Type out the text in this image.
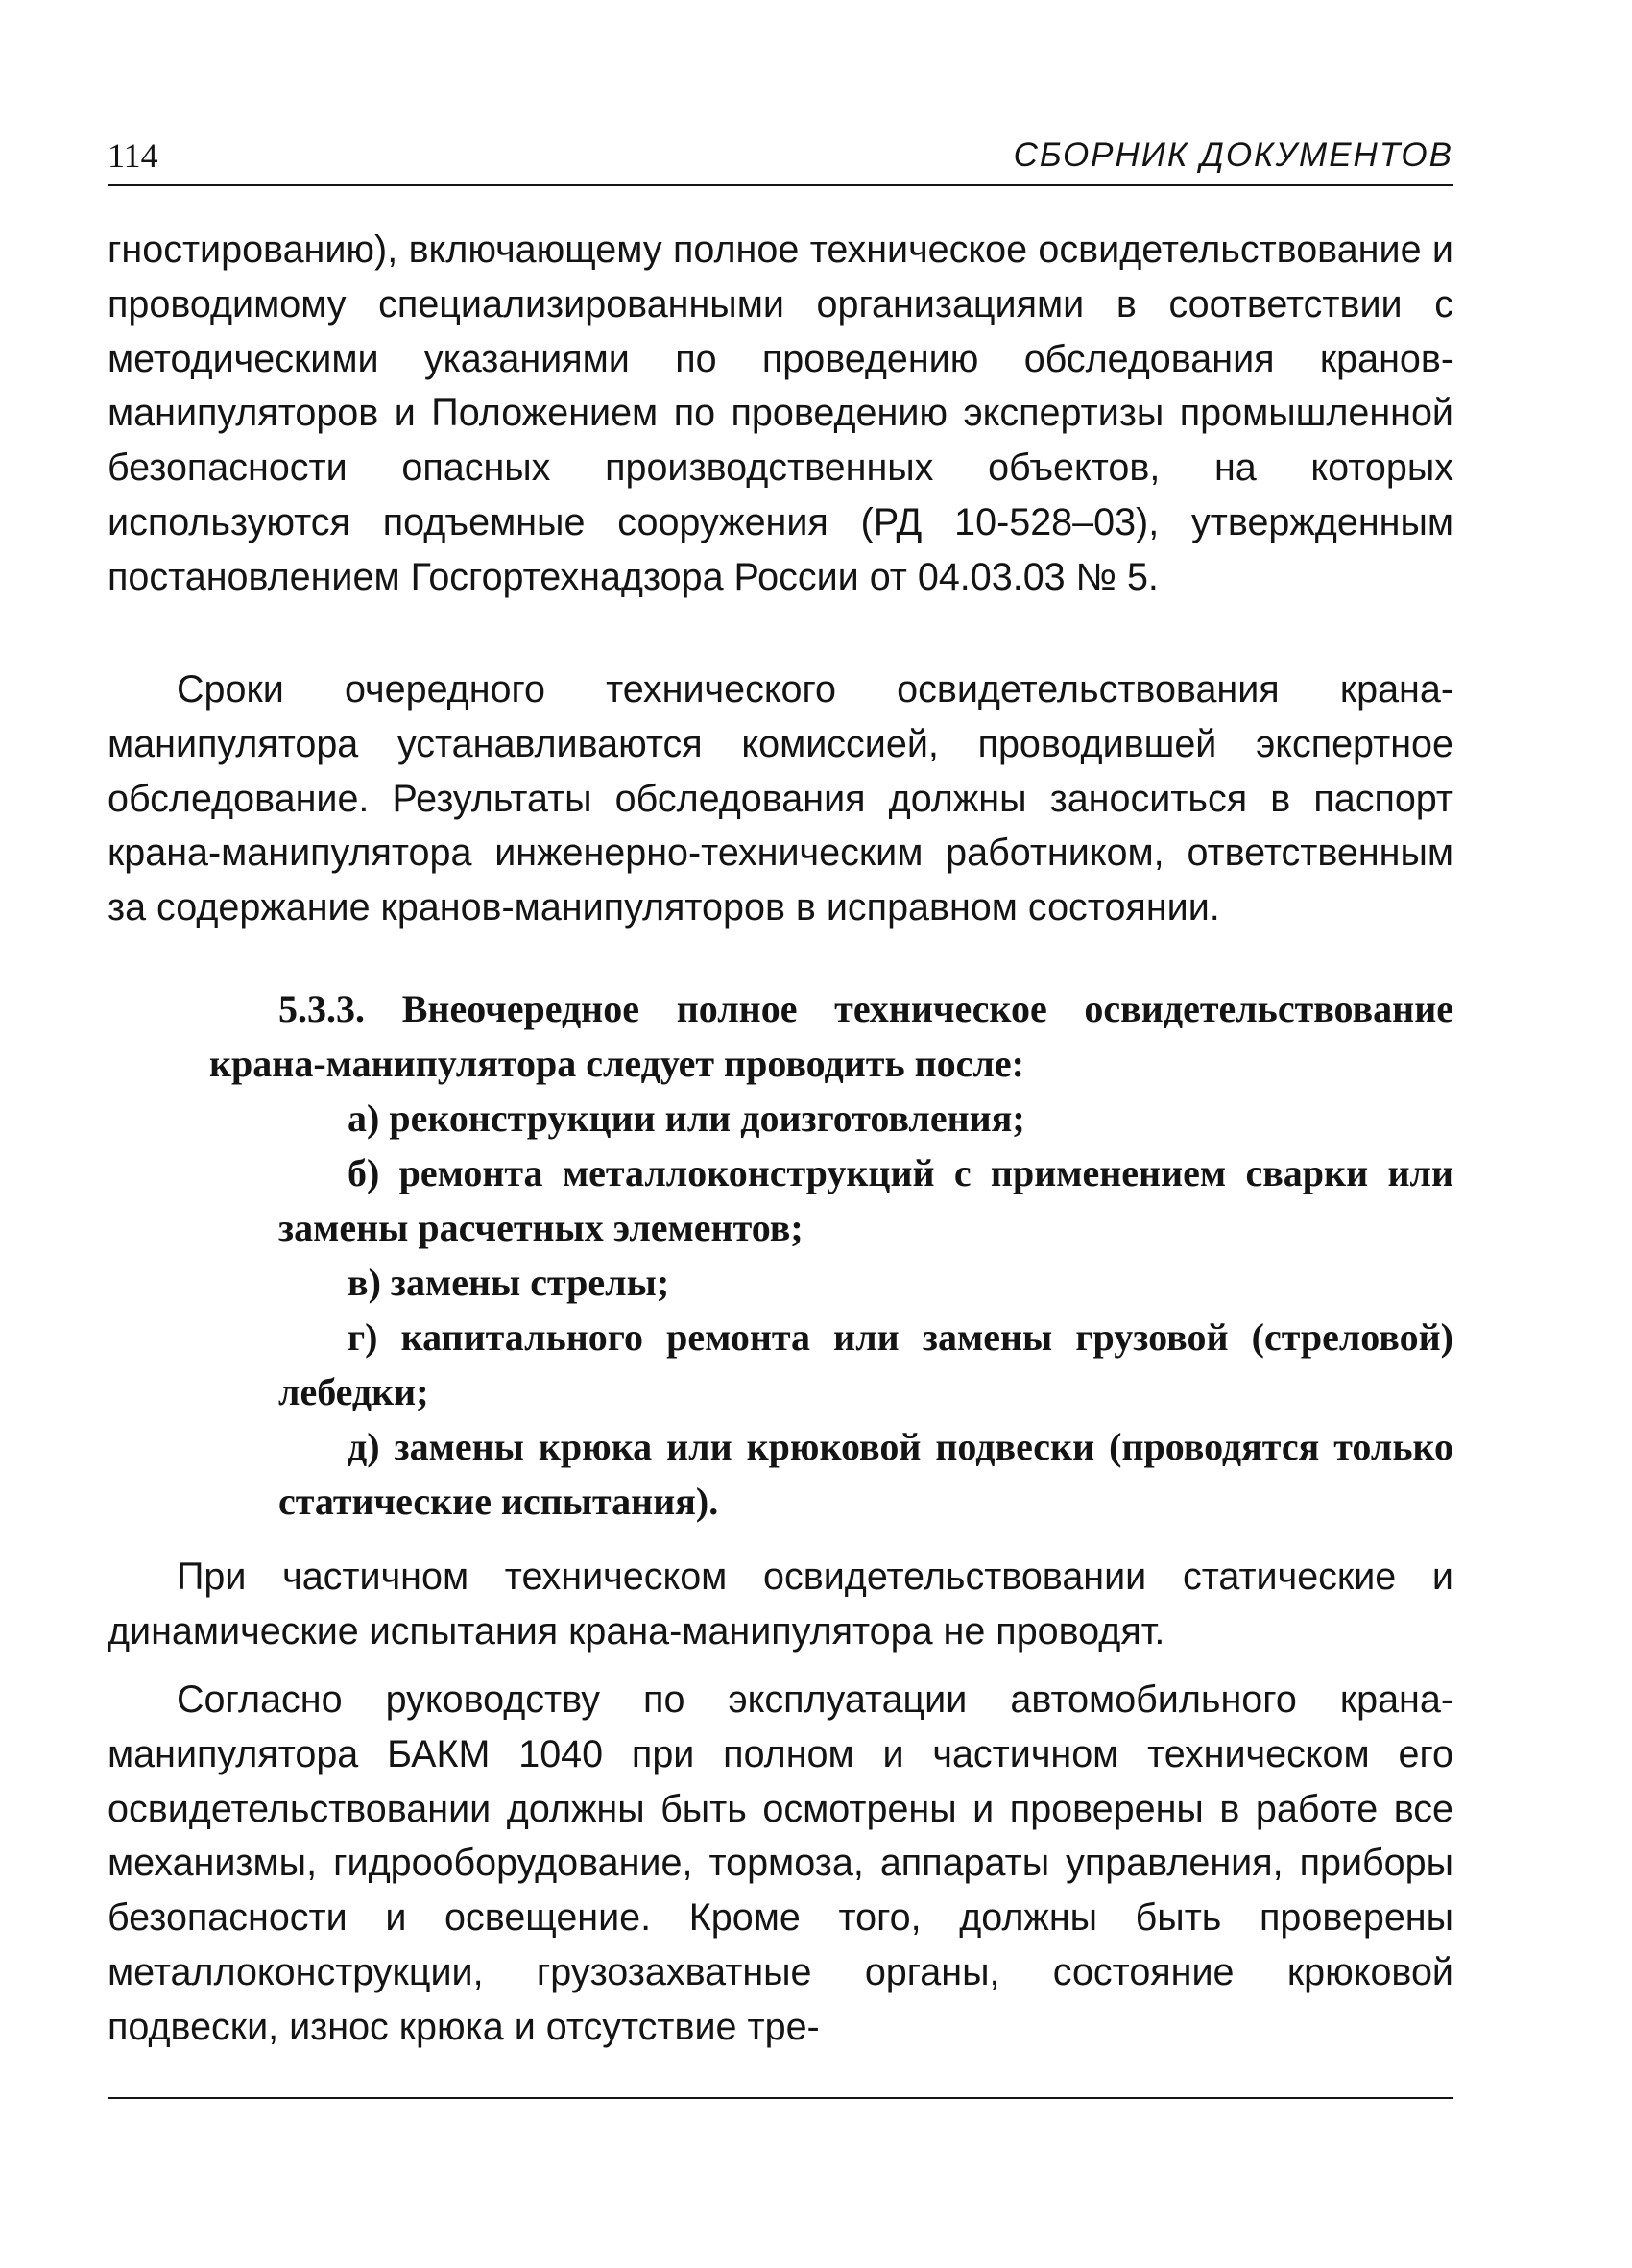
114	СБОРНИК ДОКУМЕНТОВ

гностированию), включающему полное техническое освидетельствование и проводимому специализированными организациями в соответствии с методическими указаниями по проведению обследования кранов-манипуляторов и Положением по проведению экспертизы промышленной безопасности опасных производственных объектов, на которых используются подъемные сооружения (РД 10-528–03), утвержденным постановлением Госгортехнадзора России от 04.03.03 № 5.

Сроки очередного технического освидетельствования крана-манипулятора устанавливаются комиссией, проводившей экспертное обследование. Результаты обследования должны заноситься в паспорт крана-манипулятора инженерно-техническим работником, ответственным за содержание кранов-манипуляторов в исправном состоянии.

5.3.3. Внеочередное полное техническое освидетельствование крана-манипулятора следует проводить после:

а) реконструкции или доизготовления;

б) ремонта металлоконструкций с применением сварки или замены расчетных элементов;

в) замены стрелы;

г) капитального ремонта или замены грузовой (стреловой) лебедки;

д) замены крюка или крюковой подвески (проводятся только статические испытания).

При частичном техническом освидетельствовании статические и динамические испытания крана-манипулятора не проводят.

Согласно руководству по эксплуатации автомобильного крана-манипулятора БАКМ 1040 при полном и частичном техническом его освидетельствовании должны быть осмотрены и проверены в работе все механизмы, гидрооборудование, тормоза, аппараты управления, приборы безопасности и освещение. Кроме того, должны быть проверены металлоконструкции, грузозахватные органы, состояние крюковой подвески, износ крюка и отсутствие тре-
